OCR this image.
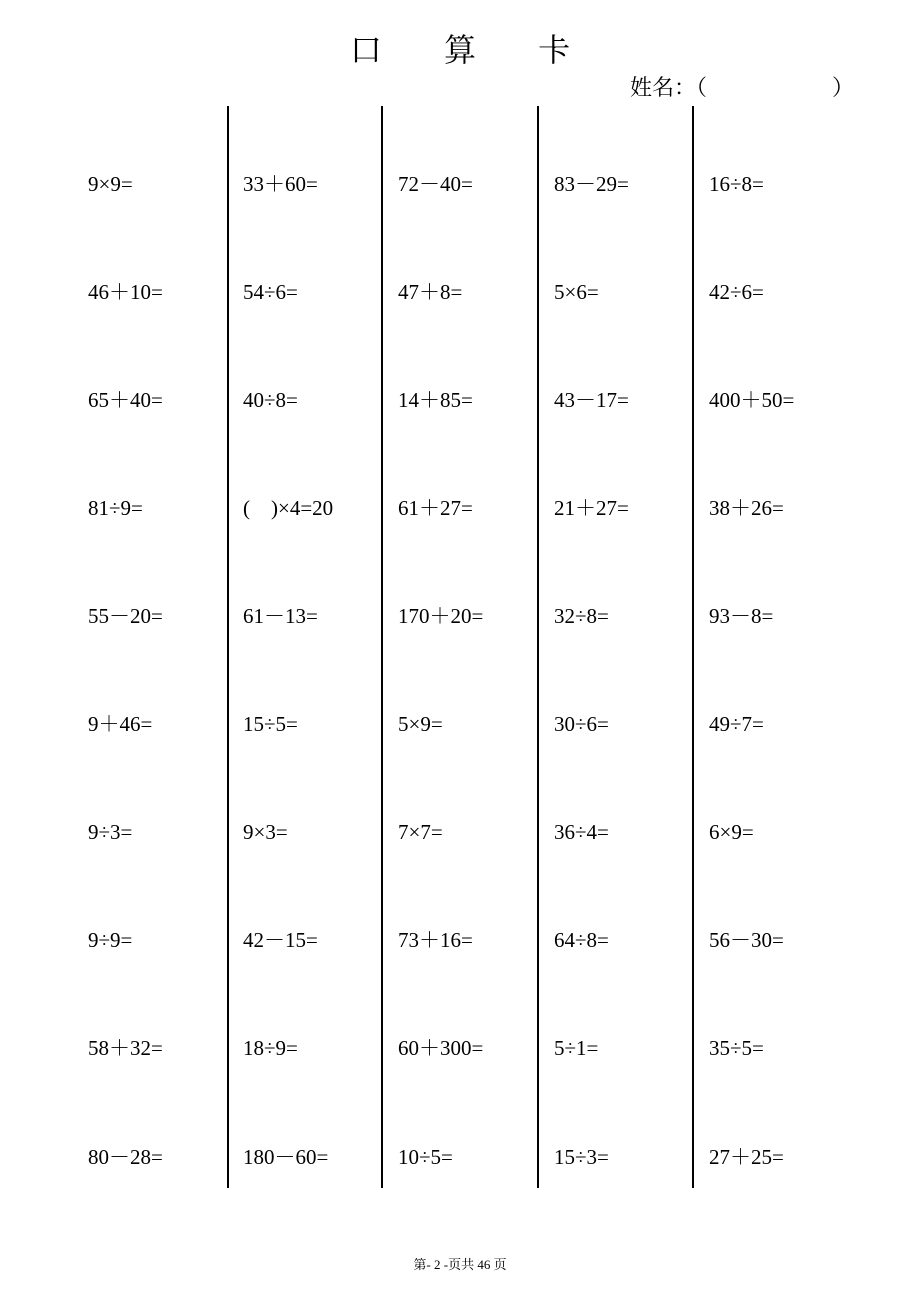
口 算 卡
姓名：（	）
9×9=
46＋10=
65＋40=
81÷9=
55－20=
9＋46=
9÷3=
9÷9=
58＋32=
80－28=
33＋60=
54÷6=
40÷8=
(    )×4=20
61－13=
15÷5=
9×3=
42－15=
18÷9=
180－60=
72－40=
47＋8=
14＋85=
61＋27=
170＋20=
5×9=
7×7=
73＋16=
60＋300=
10÷5=
83－29=
5×6=
43－17=
21＋27=
32÷8=
30÷6=
36÷4=
64÷8=
5÷1=
15÷3=
16÷8=
42÷6=
400＋50=
38＋26=
93－8=
49÷7=
6×9=
56－30=
35÷5=
27＋25=
第- 2 -页共 46 页
